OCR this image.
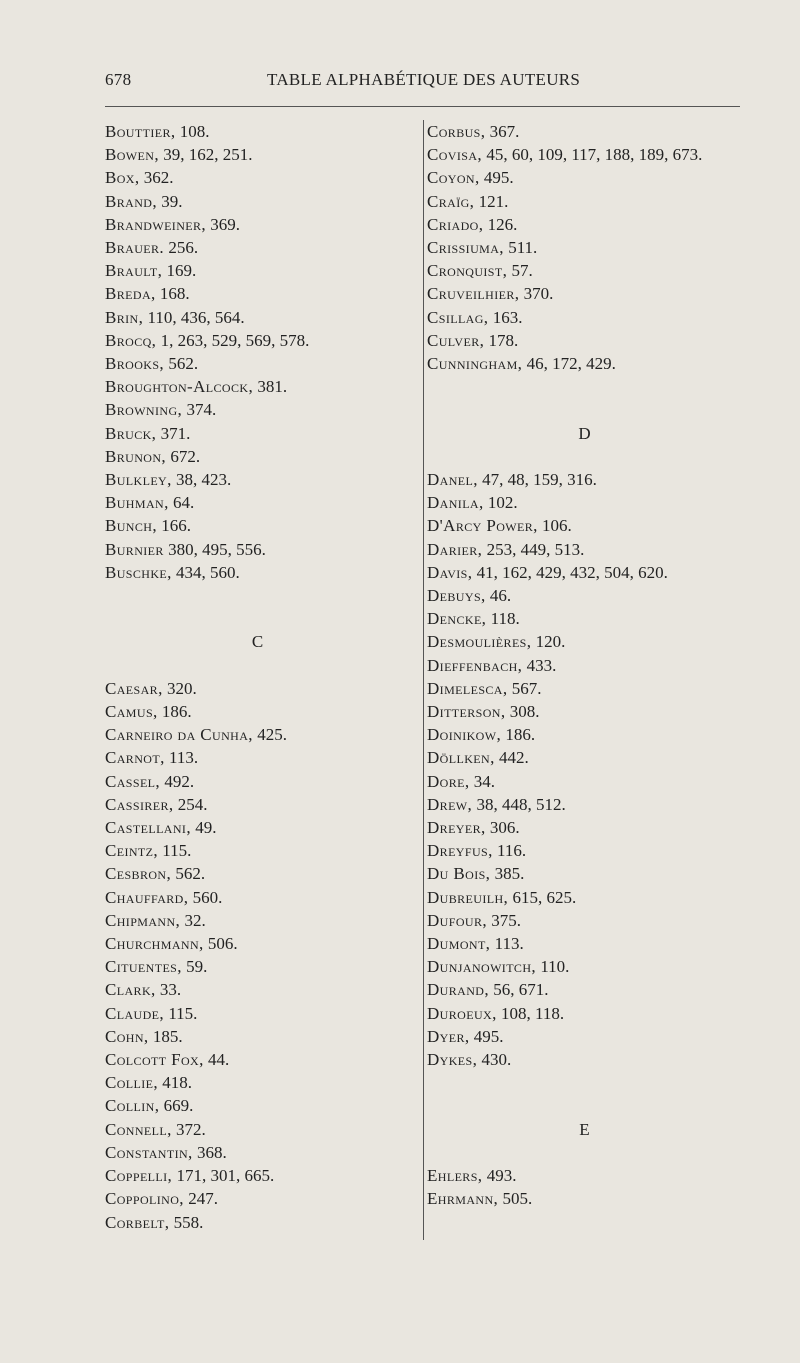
678	TABLE ALPHABÉTIQUE DES AUTEURS
Bouttier, 108.
Bowen, 39, 162, 251.
Box, 362.
Brand, 39.
Brandweiner, 369.
Brauer. 256.
Brault, 169.
Breda, 168.
Brin, 110, 436, 564.
Brocq, 1, 263, 529, 569, 578.
Brooks, 562.
Broughton-Alcock, 381.
Browning, 374.
Bruck, 371.
Brunon, 672.
Bulkley, 38, 423.
Buhman, 64.
Bunch, 166.
Burnier 380, 495, 556.
Buschke, 434, 560.
C
Caesar, 320.
Camus, 186.
Carneiro da Cunha, 425.
Carnot, 113.
Cassel, 492.
Cassirer, 254.
Castellani, 49.
Ceintz, 115.
Cesbron, 562.
Chauffard, 560.
Chipmann, 32.
Churchmann, 506.
Cituentes, 59.
Clark, 33.
Claude, 115.
Cohn, 185.
Colcott Fox, 44.
Collie, 418.
Collin, 669.
Connell, 372.
Constantin, 368.
Coppelli, 171, 301, 665.
Coppolino, 247.
Corbelt, 558.
Corbus, 367.
Covisa, 45, 60, 109, 117, 188, 189, 673.
Coyon, 495.
Craïg, 121.
Criado, 126.
Crissiuma, 511.
Cronquist, 57.
Cruveilhier, 370.
Csillag, 163.
Culver, 178.
Cunningham, 46, 172, 429.
D
Danel, 47, 48, 159, 316.
Danila, 102.
D'Arcy Power, 106.
Darier, 253, 449, 513.
Davis, 41, 162, 429, 432, 504, 620.
Debuys, 46.
Dencke, 118.
Desmoulières, 120.
Dieffenbach, 433.
Dimelesca, 567.
Ditterson, 308.
Doinikow, 186.
Döllken, 442.
Dore, 34.
Drew, 38, 448, 512.
Dreyer, 306.
Dreyfus, 116.
Du Bois, 385.
Dubreuilh, 615, 625.
Dufour, 375.
Dumont, 113.
Dunjanowitch, 110.
Durand, 56, 671.
Duroeux, 108, 118.
Dyer, 495.
Dykes, 430.
E
Ehlers, 493.
Ehrmann, 505.
